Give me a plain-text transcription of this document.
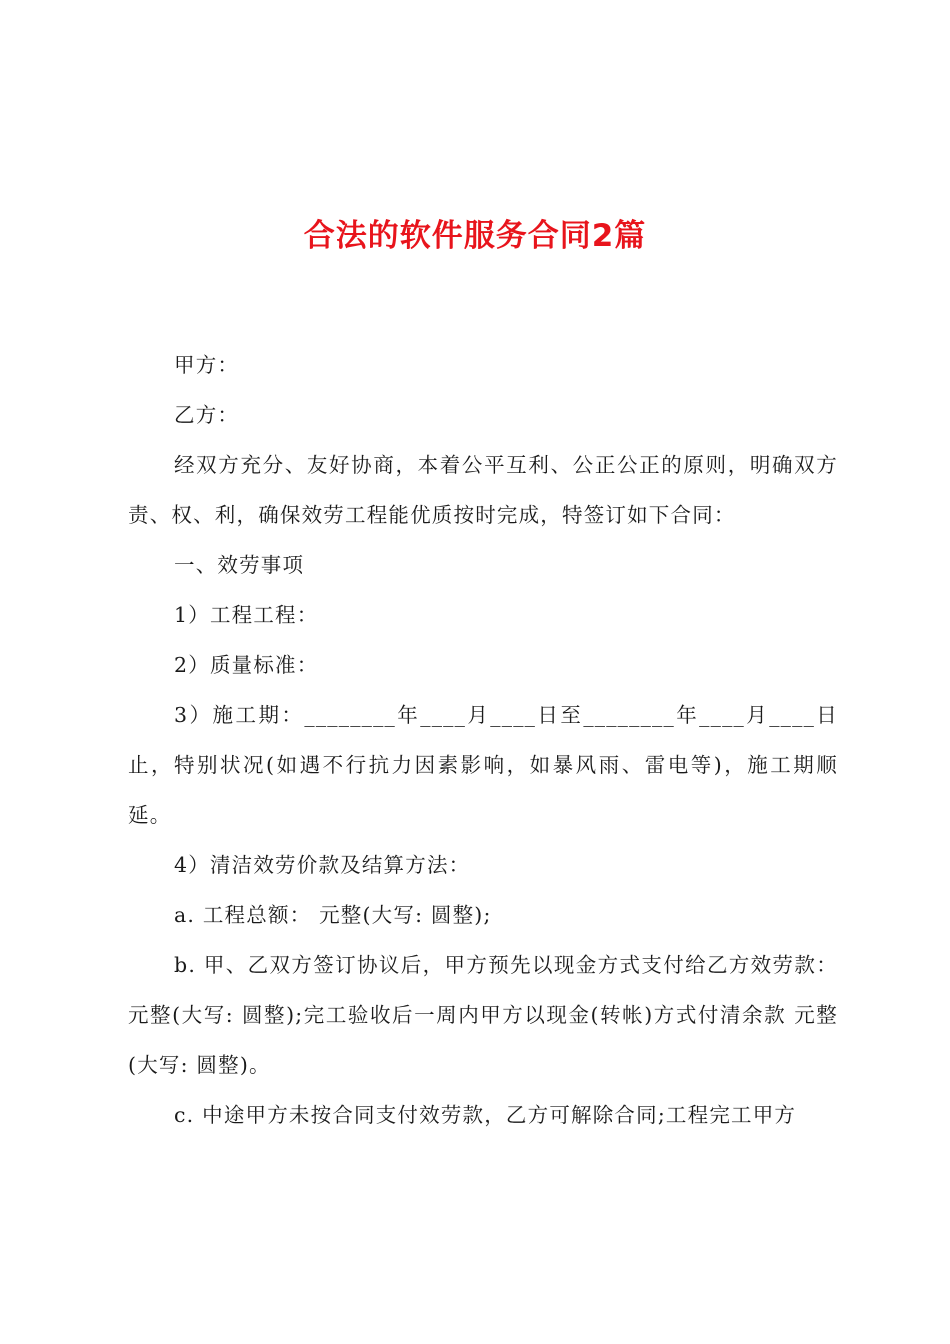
合法的软件服务合同2篇

甲方：

乙方：

经双方充分、友好协商，本着公平互利、公正公正的原则，明确双方责、权、利，确保效劳工程能优质按时完成，特签订如下合同：

一、效劳事项

1）工程工程：

2）质量标准：

3）施工期：________年____月____日至________年____月____日止，特别状况(如遇不行抗力因素影响，如暴风雨、雷电等)，施工期顺延。

4）清洁效劳价款及结算方法：

a. 工程总额： 元整(大写: 圆整);

b. 甲、乙双方签订协议后，甲方预先以现金方式支付给乙方效劳款： 元整(大写: 圆整);完工验收后一周内甲方以现金(转帐)方式付清余款 元整(大写: 圆整)。

c. 中途甲方未按合同支付效劳款，乙方可解除合同;工程完工甲方
